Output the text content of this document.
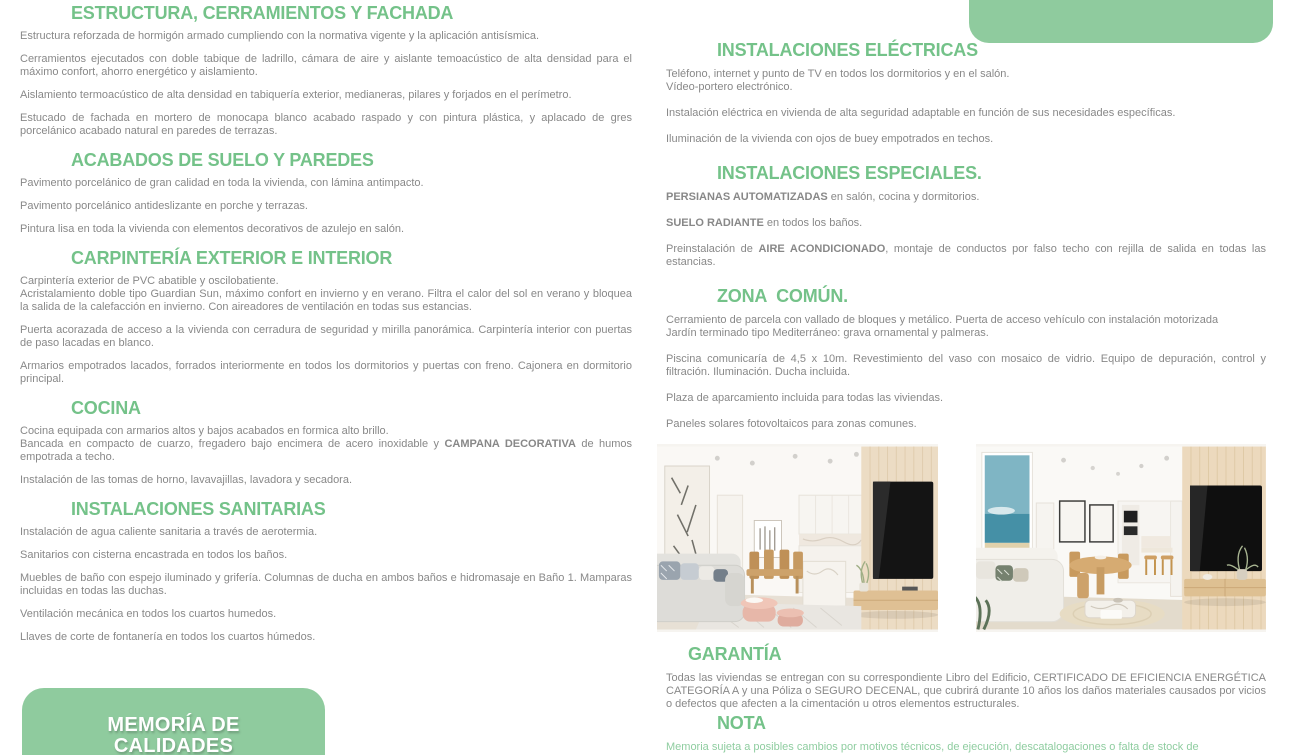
ESTRUCTURA, CERRAMIENTOS Y FACHADA

Estructura reforzada de hormigón armado cumpliendo con la normativa vigente y la aplicación antisísmica.

Cerramientos ejecutados con doble tabique de ladrillo, cámara de aire y aislante temoacústico de alta densidad para el máximo confort, ahorro energético y aislamiento.

Aislamiento termoacústico de alta densidad en tabiquería exterior, medianeras, pilares y forjados en el perímetro.

Estucado de fachada en mortero de monocapa blanco acabado raspado y con pintura plástica, y aplacado de gres porcelánico acabado natural en paredes de terrazas.

ACABADOS DE SUELO Y PAREDES

Pavimento porcelánico de gran calidad en toda la vivienda, con lámina antimpacto.

Pavimento porcelánico antideslizante en porche y terrazas.

Pintura lisa en toda la vivienda con elementos decorativos de azulejo en salón.

CARPINTERÍA EXTERIOR E INTERIOR

Carpintería exterior de PVC abatible y oscilobatiente.
Acristalamiento doble tipo Guardian Sun, máximo confort en invierno y en verano. Filtra el calor del sol en verano y bloquea la salida de la calefacción en invierno. Con aireadores de ventilación en todas sus estancias.

Puerta acorazada de acceso a la vivienda con cerradura de seguridad y mirilla panorámica. Carpintería interior con puertas de paso lacadas en blanco.

Armarios empotrados lacados, forrados interiormente en todos los dormitorios y puertas con freno. Cajonera en dormitorio principal.

COCINA

Cocina equipada con armarios altos y bajos acabados en formica alto brillo.
Bancada en compacto de cuarzo, fregadero bajo encimera de acero inoxidable y CAMPANA DECORATIVA de humos empotrada a techo.

Instalación de las tomas de horno, lavavajillas, lavadora y secadora.

INSTALACIONES SANITARIAS

Instalación de agua caliente sanitaria a través de aerotermia.

Sanitarios con cisterna encastrada en todos los baños.

Muebles de baño con espejo iluminado y grifería. Columnas de ducha en ambos baños e hidromasaje en Baño 1. Mamparas incluidas en todas las duchas.

Ventilación mecánica en todos los cuartos humedos.

Llaves de corte de fontanería en todos los cuartos húmedos.

INSTALACIONES ELÉCTRICAS

Teléfono, internet y punto de TV en todos los dormitorios y en el salón.
Vídeo-portero electrónico.

Instalación eléctrica en vivienda de alta seguridad adaptable en función de sus necesidades específicas.

Iluminación de la vivienda con ojos de buey empotrados en techos.

INSTALACIONES ESPECIALES.

PERSIANAS AUTOMATIZADAS en salón, cocina y dormitorios.

SUELO RADIANTE en todos los baños.

Preinstalación de AIRE ACONDICIONADO, montaje de conductos por falso techo con rejilla de salida en todas las estancias.

ZONA  COMÚN.

Cerramiento de parcela con vallado de bloques y metálico. Puerta de acceso vehículo con instalación motorizada
Jardín terminado tipo Mediterráneo: grava ornamental y palmeras.

Piscina comunicaría de 4,5 x 10m. Revestimiento del vaso con mosaico de vidrio. Equipo de depuración, control y filtración. Iluminación. Ducha incluida.

Plaza de aparcamiento incluida para todas las viviendas.

Paneles solares fotovoltaicos para zonas comunes.

GARANTÍA

Todas las viviendas se entregan con su correspondiente Libro del Edificio, CERTIFICADO DE EFICIENCIA ENERGÉTICA CATEGORÍA A y una Póliza o SEGURO DECENAL, que cubrirá durante 10 años los daños materiales causados por vicios o defectos que afecten a la cimentación u otros elementos estructurales.

NOTA

Memoria sujeta a posibles cambios por motivos técnicos, de ejecución, descatalogaciones o falta de stock de

MEMORÍA DE
CALIDADES
